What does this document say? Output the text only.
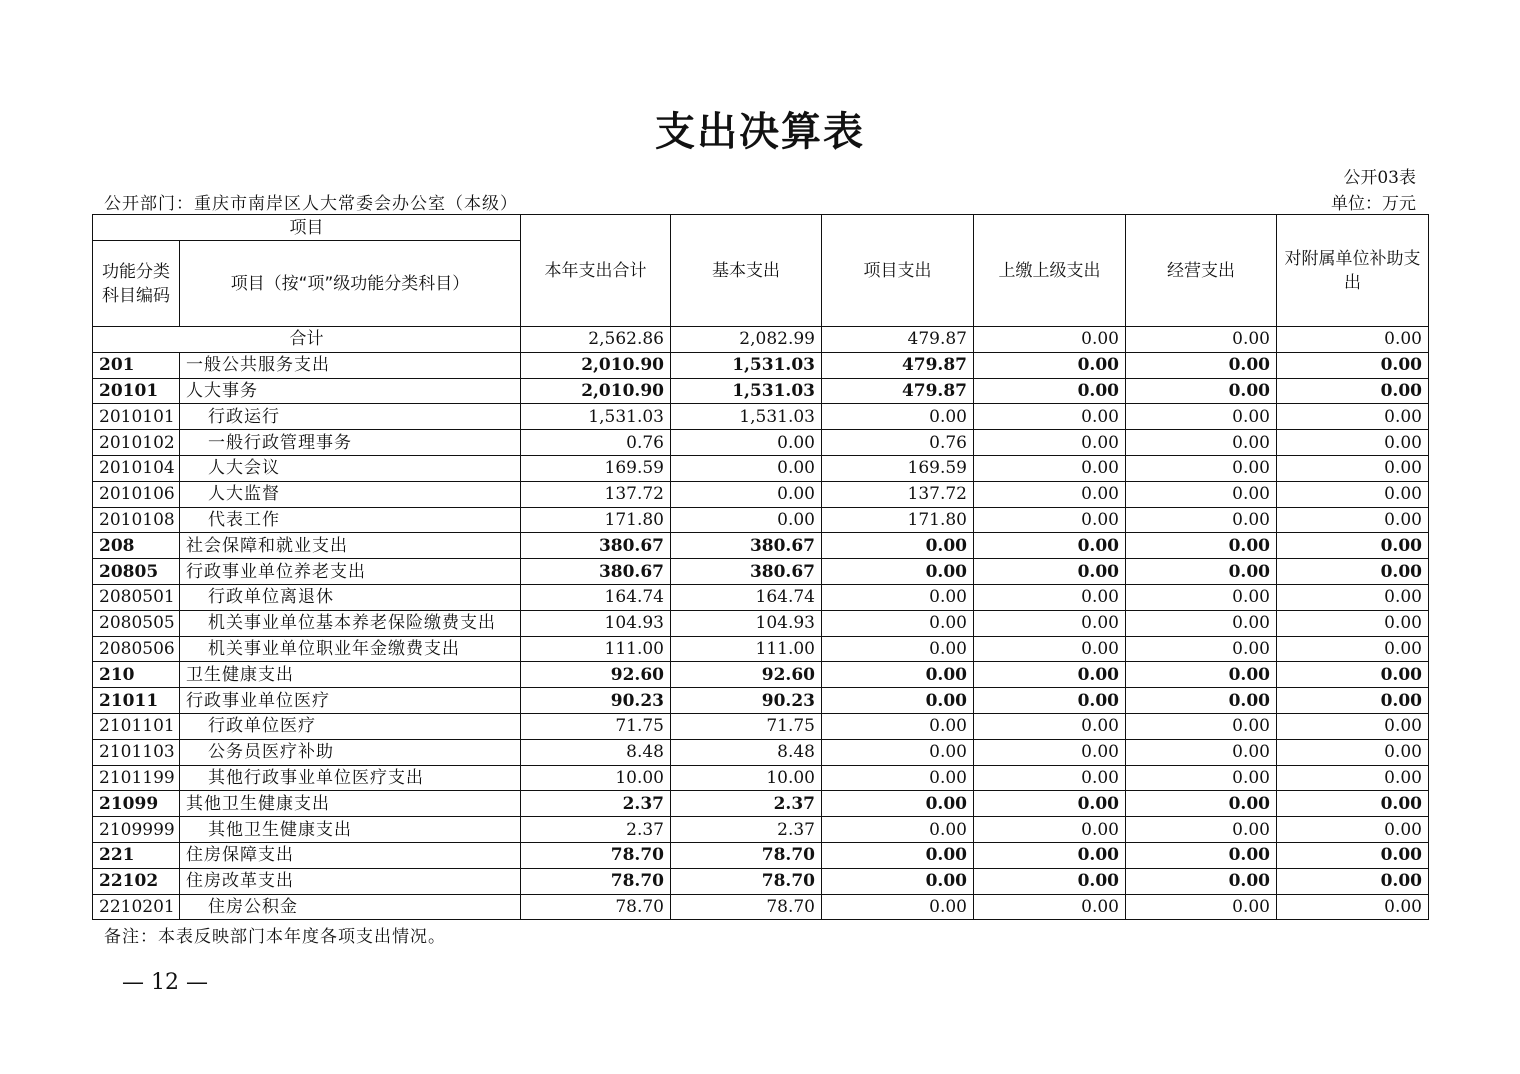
支出决算表
公开03表
公开部门：重庆市南岸区人大常委会办公室（本级）	单位：万元
项目		本年支出合计	基本支出	项目支出	上缴上级支出	经营支出	对附属单位补助支出
功能分类科目编码	项目（按“项”级功能分类科目）						
合计		2,562.86	2,082.99	479.87	0.00	0.00	0.00
201	一般公共服务支出	2,010.90	1,531.03	479.87	0.00	0.00	0.00
20101	人大事务	2,010.90	1,531.03	479.87	0.00	0.00	0.00
2010101	行政运行	1,531.03	1,531.03	0.00	0.00	0.00	0.00
2010102	一般行政管理事务	0.76	0.00	0.76	0.00	0.00	0.00
2010104	人大会议	169.59	0.00	169.59	0.00	0.00	0.00
2010106	人大监督	137.72	0.00	137.72	0.00	0.00	0.00
2010108	代表工作	171.80	0.00	171.80	0.00	0.00	0.00
208	社会保障和就业支出	380.67	380.67	0.00	0.00	0.00	0.00
20805	行政事业单位养老支出	380.67	380.67	0.00	0.00	0.00	0.00
2080501	行政单位离退休	164.74	164.74	0.00	0.00	0.00	0.00
2080505	机关事业单位基本养老保险缴费支出	104.93	104.93	0.00	0.00	0.00	0.00
2080506	机关事业单位职业年金缴费支出	111.00	111.00	0.00	0.00	0.00	0.00
210	卫生健康支出	92.60	92.60	0.00	0.00	0.00	0.00
21011	行政事业单位医疗	90.23	90.23	0.00	0.00	0.00	0.00
2101101	行政单位医疗	71.75	71.75	0.00	0.00	0.00	0.00
2101103	公务员医疗补助	8.48	8.48	0.00	0.00	0.00	0.00
2101199	其他行政事业单位医疗支出	10.00	10.00	0.00	0.00	0.00	0.00
21099	其他卫生健康支出	2.37	2.37	0.00	0.00	0.00	0.00
2109999	其他卫生健康支出	2.37	2.37	0.00	0.00	0.00	0.00
221	住房保障支出	78.70	78.70	0.00	0.00	0.00	0.00
22102	住房改革支出	78.70	78.70	0.00	0.00	0.00	0.00
2210201	住房公积金	78.70	78.70	0.00	0.00	0.00	0.00
备注：本表反映部门本年度各项支出情况。
— 12 —
